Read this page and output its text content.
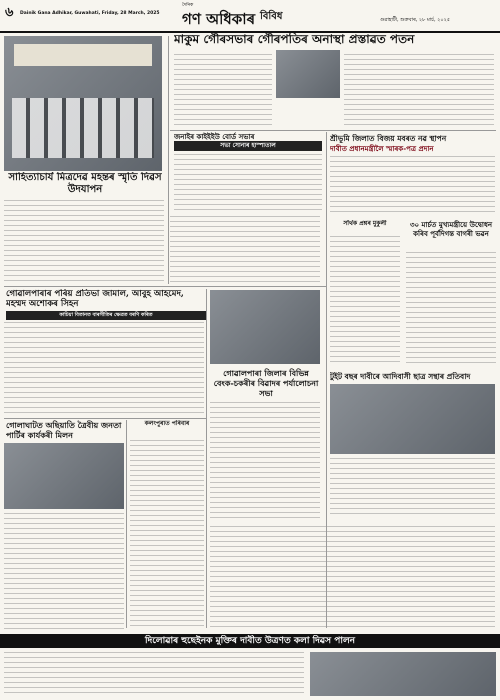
৬ Dainik Gana Adhikar, Guwahati, Friday, 28 March, 2025
দৈনিক
গণ অধিকাৰ বিবিধ	গুৱাহাটী, শুক্ৰবাৰ, ২৮ মাৰ্চ, ২০২৫
মাকুম গৌৰসভাৰ গৌৰপতিৰ অনাস্থা প্ৰস্তাৱত পতন
জনাইৰ কাইইইউ বোৰ্ড সভাৰ
সভা সোনাৰ হাস্পাতাল
শ্ৰীভূমি জিলাত বিজয় মবৰত নৱ স্থাপন
দাবীত প্ৰধানমন্ত্ৰীলৈ স্মাৰক-পত্ৰ প্ৰদান
সাহিত্যাচাৰ্য মিত্ৰদেৱ মহন্তৰ স্মৃতি দিৱস উদযাপন
গোৱালপাৰাৰ পৰিয় প্ৰতিভা জামাল, আবুহ আহমেদ, মহম্মদ অশোকৰ সিহন
কাচিয়া বিতানত বাৰগীতিৰ ক্ষেত্ৰত বৰণি কৰিত
গোৱালপাৰা জিলাৰ বিভিন্ন বেংক-চকৰীৰ বিৱাদৰ পৰ্যালোচনা সভা
সাঁৰ্থক প্ৰশ্নৰ মুকুলী	৩০ মাৰ্চত মুখ্যমন্ত্ৰীয়ে উদ্বোধন কৰিব পূৰ্বদিগন্ত বাগৰী ভৱন
টুইট বছৰ দাবীৰে আদিবাসী ছাত্ৰ সন্থাৰ প্ৰতিবাদ
গোলাঘাটত অছিয়াতি ত্ৰৈবীয় জনতা পাৰ্টিৰ কাৰ্যকৰী মিলন
কলংপুৰাত পৰিবাৰ
দিলোৱাৰ হুছেইনক মুক্তিৰ দাবীত উত্ৰণত কলা দিৱস পালন
